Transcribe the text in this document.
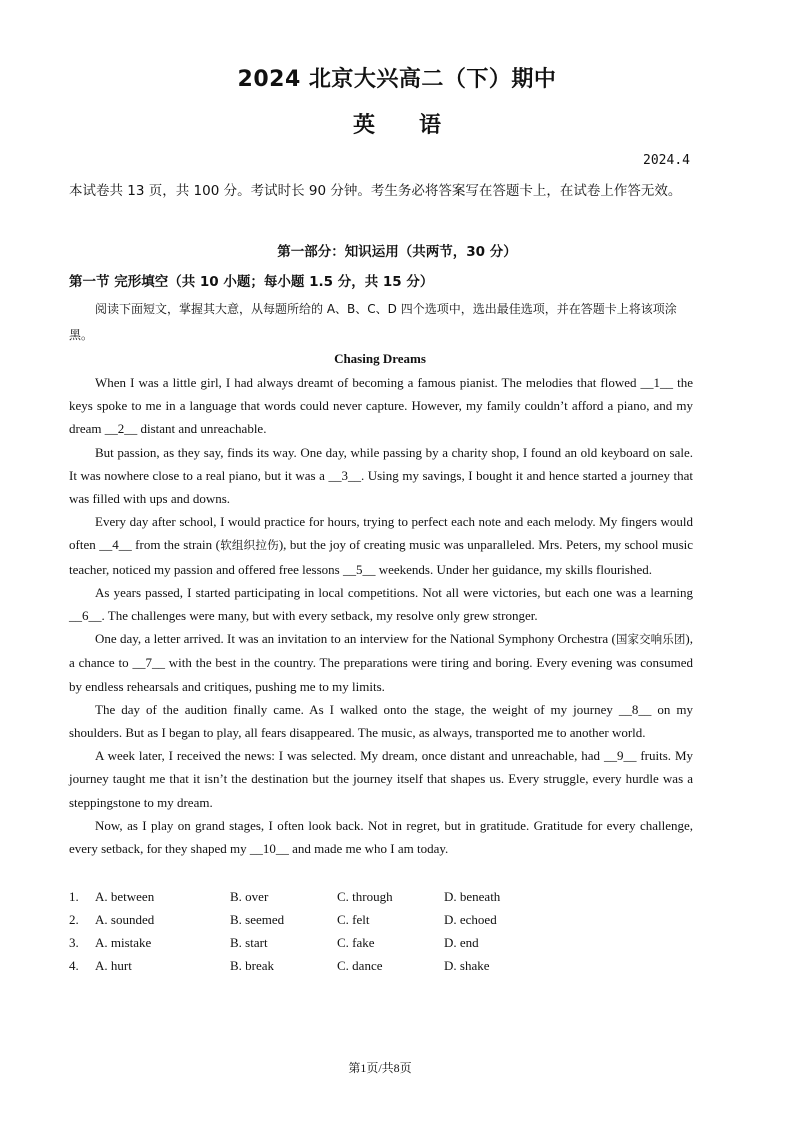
2024 北京大兴高二（下）期中
英　　语
2024.4
本试卷共 13 页，共 100 分。考试时长 90 分钟。考生务必将答案写在答题卡上，在试卷上作答无效。
第一部分：知识运用（共两节，30 分）
第一节 完形填空（共 10 小题；每小题 1.5 分，共 15 分）
阅读下面短文，掌握其大意，从每题所给的 A、B、C、D 四个选项中，选出最佳选项，并在答题卡上将该项涂黑。
Chasing Dreams

When I was a little girl, I had always dreamt of becoming a famous pianist. The melodies that flowed __1__ the keys spoke to me in a language that words could never capture. However, my family couldn’t afford a piano, and my dream __2__ distant and unreachable.

But passion, as they say, finds its way. One day, while passing by a charity shop, I found an old keyboard on sale. It was nowhere close to a real piano, but it was a __3__. Using my savings, I bought it and hence started a journey that was filled with ups and downs.

Every day after school, I would practice for hours, trying to perfect each note and each melody. My fingers would often __4__ from the strain (软组织拉伤), but the joy of creating music was unparalleled. Mrs. Peters, my school music teacher, noticed my passion and offered free lessons __5__ weekends. Under her guidance, my skills flourished.

As years passed, I started participating in local competitions. Not all were victories, but each one was a learning __6__. The challenges were many, but with every setback, my resolve only grew stronger.

One day, a letter arrived. It was an invitation to an interview for the National Symphony Orchestra (国家交响乐团), a chance to __7__ with the best in the country. The preparations were tiring and boring. Every evening was consumed by endless rehearsals and critiques, pushing me to my limits.

The day of the audition finally came. As I walked onto the stage, the weight of my journey __8__ on my shoulders. But as I began to play, all fears disappeared. The music, as always, transported me to another world.

A week later, I received the news: I was selected. My dream, once distant and unreachable, had __9__ fruits. My journey taught me that it isn’t the destination but the journey itself that shapes us. Every struggle, every hurdle was a steppingstone to my dream.

Now, as I play on grand stages, I often look back. Not in regret, but in gratitude. Gratitude for every challenge, every setback, for they shaped my __10__ and made me who I am today.

1. A. between	B. over	C. through	D. beneath
2. A. sounded	B. seemed	C. felt	D. echoed
3. A. mistake	B. start	C. fake	D. end
4. A. hurt	B. break	C. dance	D. shake
第1页/共8页
